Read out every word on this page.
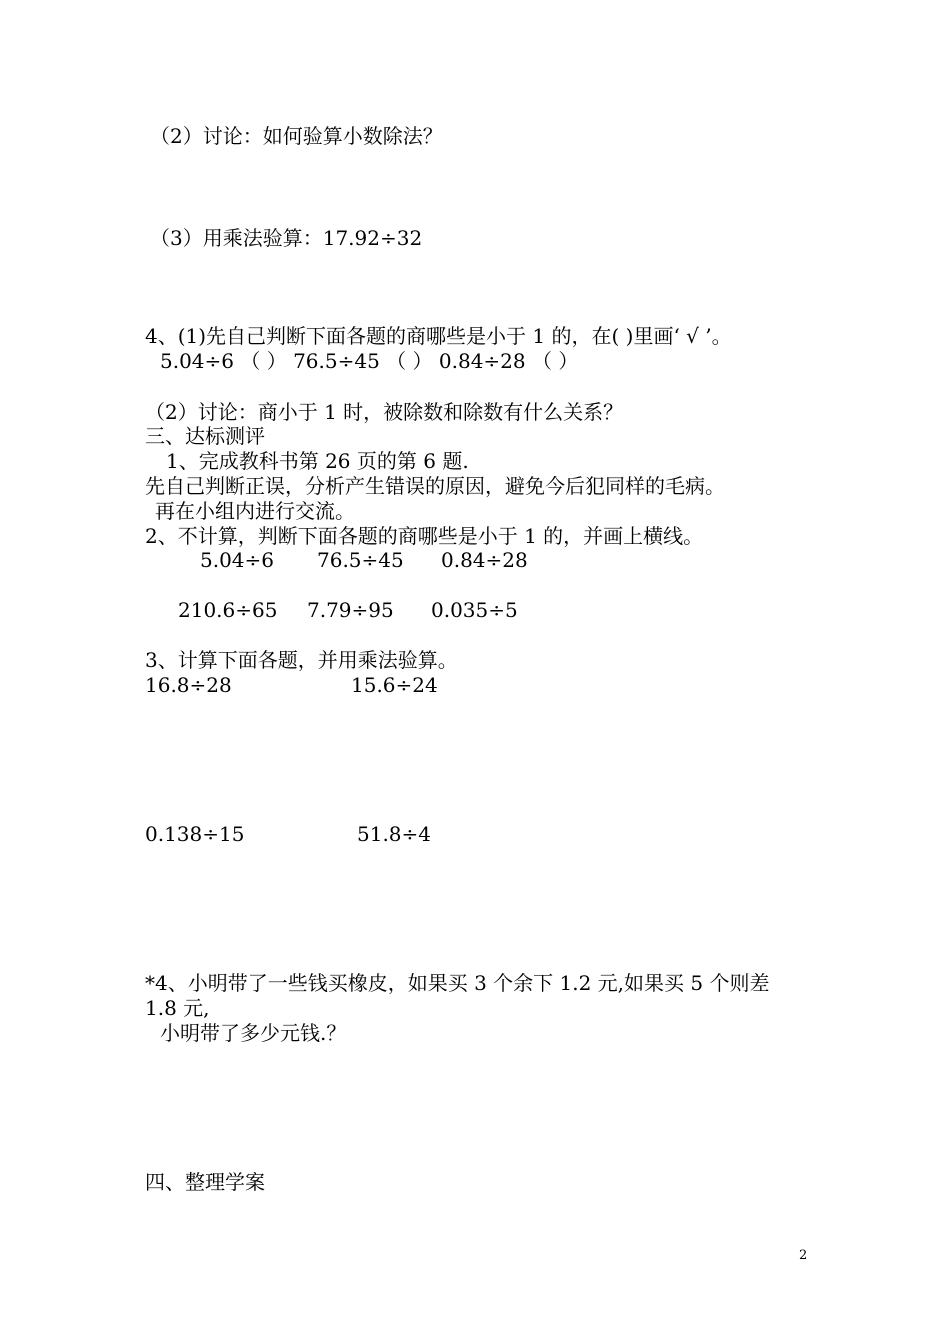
（2）讨论：如何验算小数除法？
（3）用乘法验算：17.92÷32
4、(1)先自己判断下面各题的商哪些是小于 1 的，在( )里画‘ √ ’。
5.04÷6 （ ） 76.5÷45 （ ） 0.84÷28 （ ）
（2）讨论：商小于 1 时，被除数和除数有什么关系？
三、达标测评
1、完成教科书第 26 页的第 6 题.
先自己判断正误，分析产生错误的原因，避免今后犯同样的毛病。
再在小组内进行交流。
2、不计算，判断下面各题的商哪些是小于 1 的，并画上横线。
5.04÷6 76.5÷45 0.84÷28
210.6÷65 7.79÷95 0.035÷5
3、计算下面各题，并用乘法验算。
16.8÷28	15.6÷24
0.138÷15	51.8÷4
*4、小明带了一些钱买橡皮，如果买 3 个余下 1.2 元,如果买 5 个则差
1.8 元,
小明带了多少元钱.？
四、整理学案
2
